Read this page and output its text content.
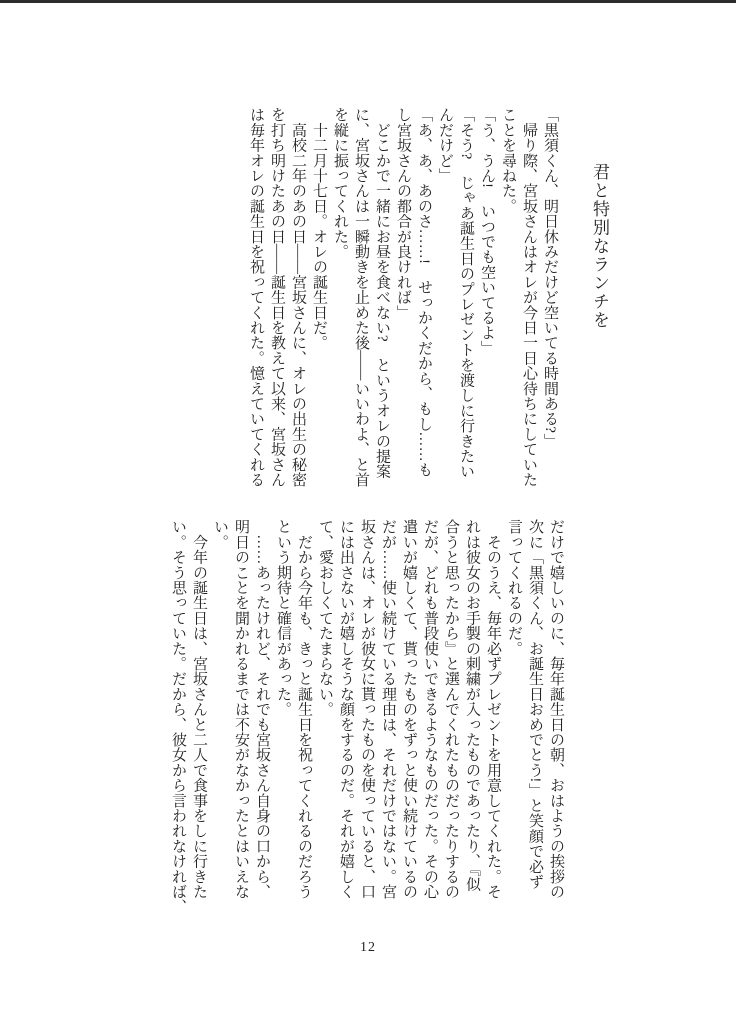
君と特別なランチを
「黒須くん、明日休みだけど空いてる時間ある?」
　帰り際、宮坂さんはオレが今日一日心待ちにしていた
ことを尋ねた。
「う、うん!　いつでも空いてるよ」
「そう?　じゃあ誕生日のプレゼントを渡しに行きたい
んだけど」
「あ、あ、あのさ……!　せっかくだから、もし……も
し宮坂さんの都合が良ければ」
　どこかで一緒にお昼を食べない?　というオレの提案
に、宮坂さんは一瞬動きを止めた後——いいわよ、と首
を縦に振ってくれた。
　十二月十七日。オレの誕生日だ。
　高校二年のあの日——宮坂さんに、オレの出生の秘密
を打ち明けたあの日——誕生日を教えて以来、宮坂さん
は毎年オレの誕生日を祝ってくれた。憶えていてくれる
だけで嬉しいのに、毎年誕生日の朝、おはようの挨拶の
次に「黒須くん、お誕生日おめでとう!」と笑顔で必ず
言ってくれるのだ。
　そのうえ、毎年必ずプレゼントを用意してくれた。そ
れは彼女のお手製の刺繍が入ったものであったり、『似
合うと思ったから』と選んでくれたものだったりするの
だが、どれも普段使いできるようなものだった。その心
遣いが嬉しくて、貰ったものをずっと使い続けているの
だが……使い続けている理由は、それだけではない。宮
坂さんは、オレが彼女に貰ったものを使っていると、口
には出さないが嬉しそうな顔をするのだ。それが嬉しく
て、愛おしくてたまらない。
　だから今年も、きっと誕生日を祝ってくれるのだろう
という期待と確信があった。
　……あったけれど、それでも宮坂さん自身の口から、
明日のことを聞かれるまでは不安がなかったとはいえな
い。
　今年の誕生日は、宮坂さんと二人で食事をしに行きた
い。そう思っていた。だから、彼女から言われなければ、
12
